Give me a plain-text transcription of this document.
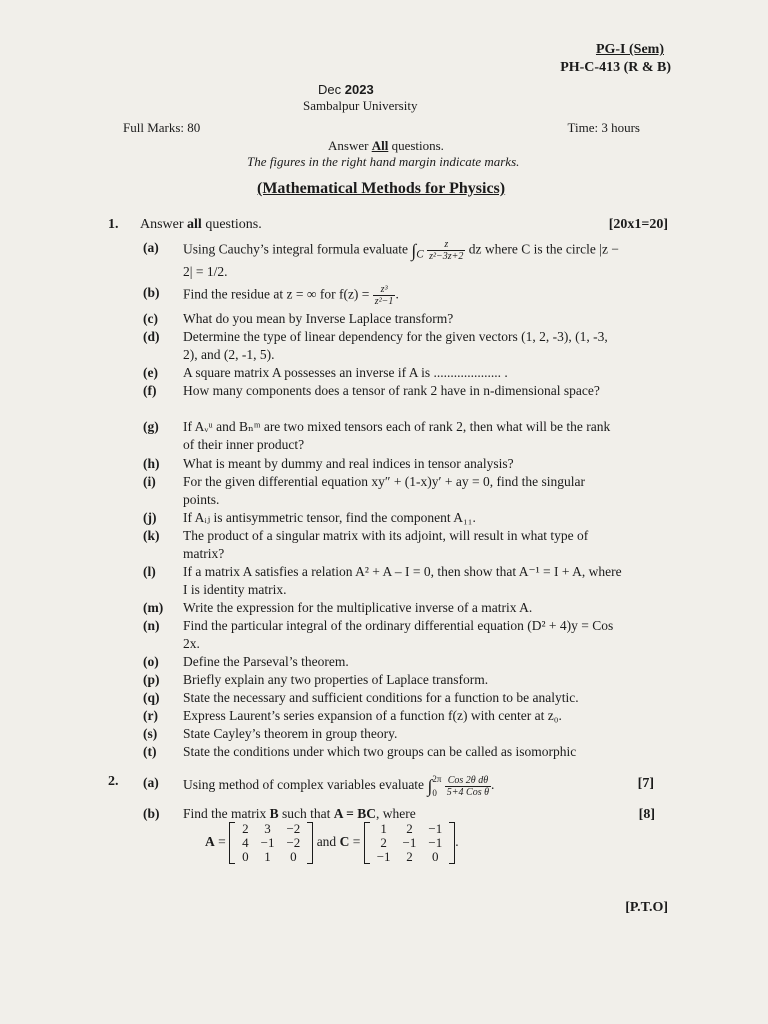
PG-I (Sem)
PH-C-413 (R & B)
Dec 2023
Sambalpur University
Full Marks: 80	Time: 3 hours
Answer All questions.
The figures in the right hand margin indicate marks.
(Mathematical Methods for Physics)
1. Answer all questions.	[20x1=20]
(a)	Using Cauchy’s integral formula evaluate $\int_C \frac{z}{\text{z²−3z+2}}$ dz where C is the circle |z − 2| = 1/2.
(b)	Find the residue at z = ∞ for $f(z) = \frac{\text{z³}}{\text{z²−1}}$ .
(c)	What do you mean by Inverse Laplace transform?
(d)	Determine the type of linear dependency for the given vectors (1, 2, -3), (1, -3, 2), and (2, -1, 5).
(e)	A square matrix A possesses an inverse if A is .................... .
(f)	How many components does a tensor of rank 2 have in n-dimensional space?
(g)	If Aᵥᵘ and Bₙᵐ are two mixed tensors each of rank 2, then what will be the rank of their inner product?
(h)	What is meant by dummy and real indices in tensor analysis?
(i)	For the given differential equation xy″ + (1-x)y′ + ay = 0, find the singular points.
(j)	If Aᵢⱼ is antisymmetric tensor, find the component A₁₁.
(k)	The product of a singular matrix with its adjoint, will result in what type of matrix?
(l)	If a matrix A satisfies a relation A² + A – I = 0, then show that A⁻¹ = I + A, where I is identity matrix.
(m)	Write the expression for the multiplicative inverse of a matrix A.
(n)	Find the particular integral of the ordinary differential equation (D² + 4)y = Cos 2x.
(o)	Define the Parseval’s theorem.
(p)	Briefly explain any two properties of Laplace transform.
(q)	State the necessary and sufficient conditions for a function to be analytic.
(r)	Express Laurent’s series expansion of a function f(z) with center at z₀.
(s)	State Cayley’s theorem in group theory.
(t)	State the conditions under which two groups can be called as isomorphic
2. (a)	Using method of complex variables evaluate ∫ 2π
0
$\frac{\text{Cos 2θ dθ}}{\text{5+4 Cos θ}}$ .	[7]
(b)	Find the matrix B such that A = BC, where	[8]
A =
2	3	−2
4	−1	−2
0	1	0
and C =
1	2	−1
2	−1	−1
−1	2	0
.
[P.T.O]
